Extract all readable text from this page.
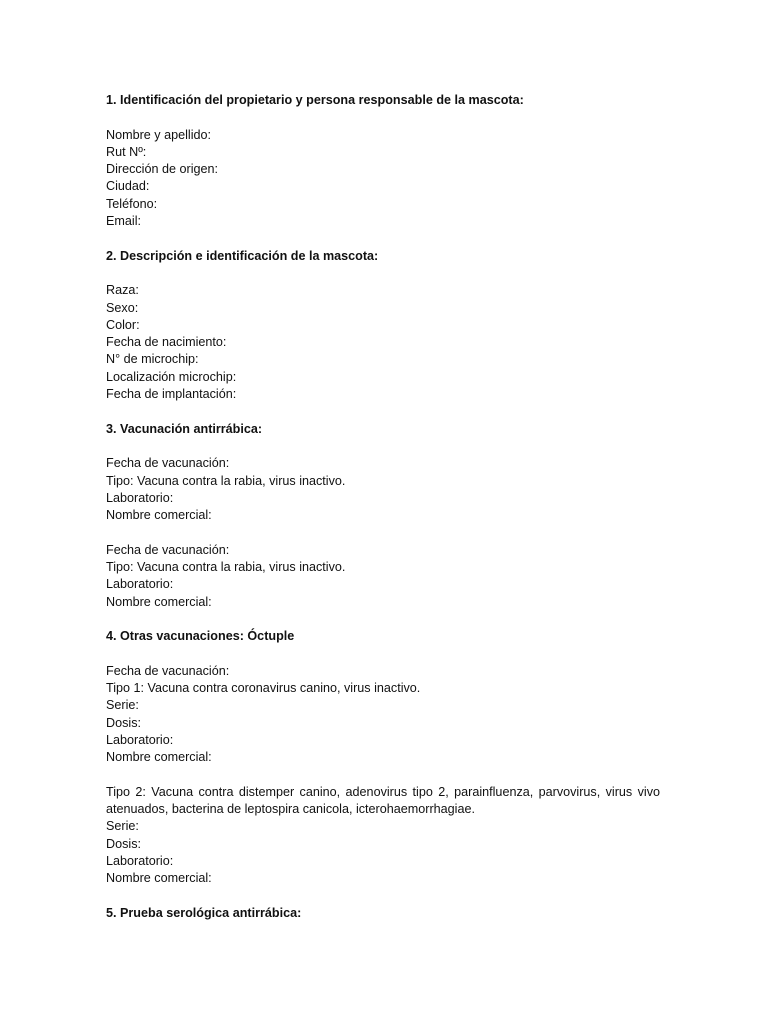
1. Identificación del propietario y persona responsable de la mascota:

Nombre y apellido:

Rut Nº:

Dirección de origen:

Ciudad:

Teléfono:

Email:

2. Descripción e identificación de la mascota:

Raza:

Sexo:

Color:

Fecha de nacimiento:

N° de microchip:

Localización microchip:

Fecha de implantación:

3. Vacunación antirrábica:

Fecha de vacunación:

Tipo: Vacuna contra la rabia, virus inactivo.

Laboratorio:

Nombre comercial:

Fecha de vacunación:

Tipo: Vacuna contra la rabia, virus inactivo.

Laboratorio:

Nombre comercial:

4. Otras vacunaciones: Óctuple

Fecha de vacunación:

Tipo 1: Vacuna contra coronavirus canino, virus inactivo.

Serie:

Dosis:

Laboratorio:

Nombre comercial:

Tipo 2: Vacuna contra distemper canino, adenovirus tipo 2, parainfluenza, parvovirus, virus vivo atenuados, bacterina de leptospira canicola, icterohaemorrhagiae.

Serie:

Dosis:

Laboratorio:

Nombre comercial:

5. Prueba serológica antirrábica:
